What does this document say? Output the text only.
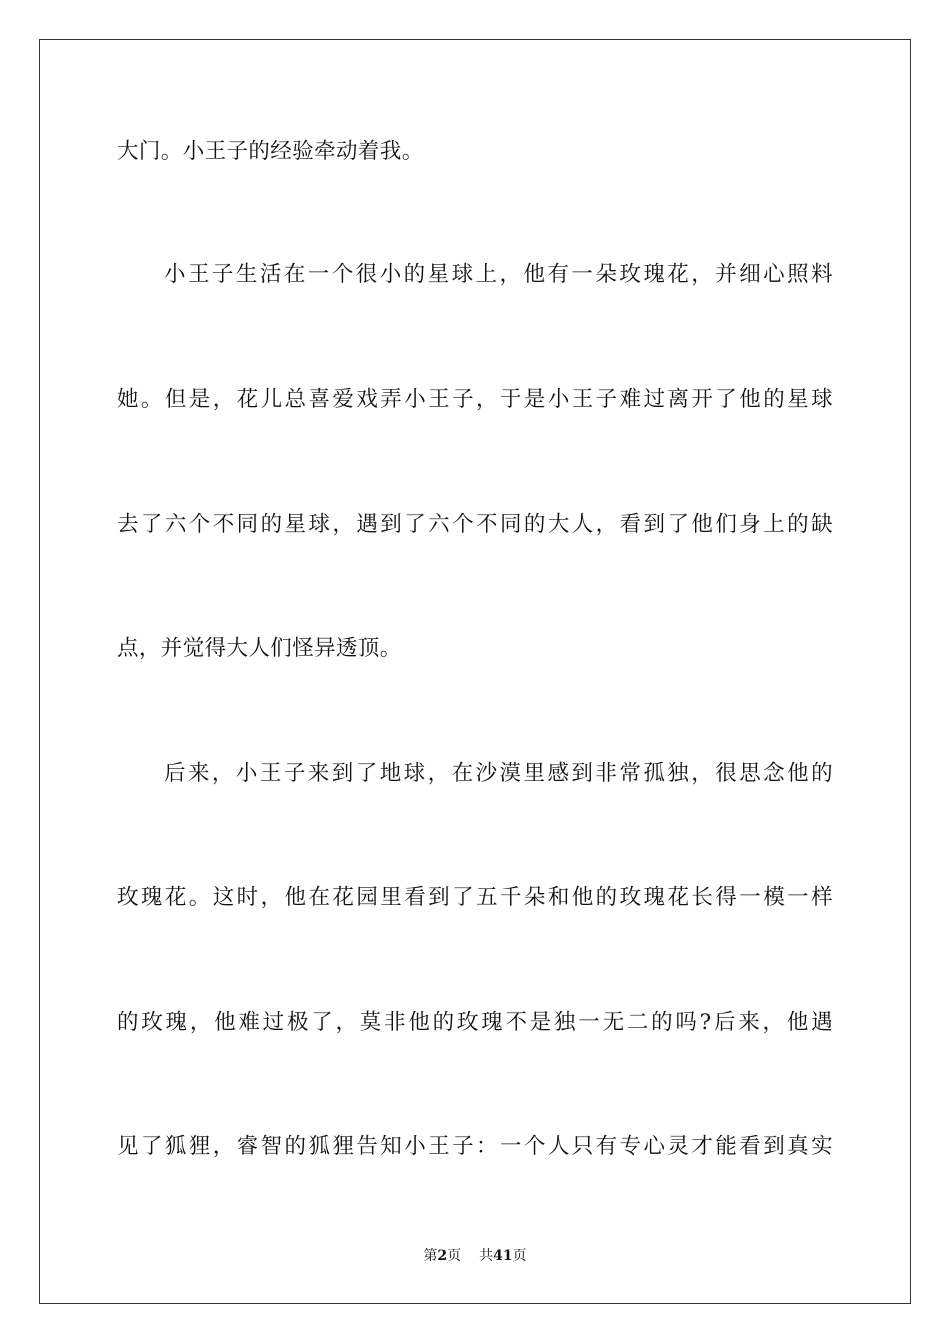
大门。小王子的经验牵动着我。
小王子生活在一个很小的星球上，他有一朵玫瑰花，并细心照料
她。但是，花儿总喜爱戏弄小王子，于是小王子难过离开了他的星球
去了六个不同的星球，遇到了六个不同的大人，看到了他们身上的缺
点，并觉得大人们怪异透顶。
后来，小王子来到了地球，在沙漠里感到非常孤独，很思念他的
玫瑰花。这时，他在花园里看到了五千朵和他的玫瑰花长得一模一样
的玫瑰，他难过极了，莫非他的玫瑰不是独一无二的吗?后来，他遇
见了狐狸，睿智的狐狸告知小王子：一个人只有专心灵才能看到真实
第2页 共41页
